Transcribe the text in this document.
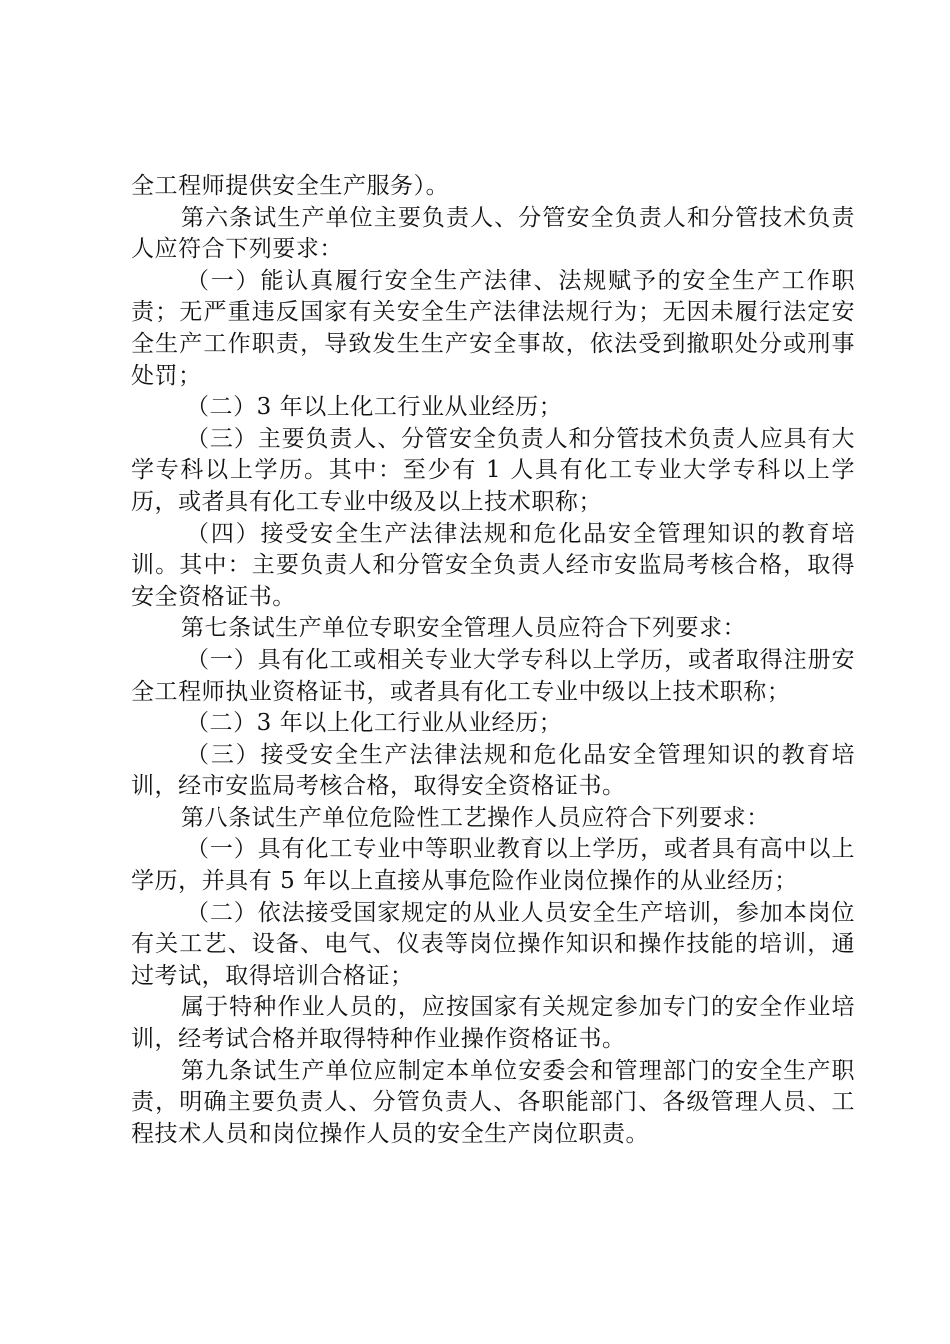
全工程师提供安全生产服务）。

第六条试生产单位主要负责人、分管安全负责人和分管技术负责人应符合下列要求：

（一）能认真履行安全生产法律、法规赋予的安全生产工作职责；无严重违反国家有关安全生产法律法规行为；无因未履行法定安全生产工作职责，导致发生生产安全事故，依法受到撤职处分或刑事处罚；

（二）3 年以上化工行业从业经历；

（三）主要负责人、分管安全负责人和分管技术负责人应具有大学专科以上学历。其中：至少有 1 人具有化工专业大学专科以上学历，或者具有化工专业中级及以上技术职称；

（四）接受安全生产法律法规和危化品安全管理知识的教育培训。其中：主要负责人和分管安全负责人经市安监局考核合格，取得安全资格证书。

第七条试生产单位专职安全管理人员应符合下列要求：

（一）具有化工或相关专业大学专科以上学历，或者取得注册安全工程师执业资格证书，或者具有化工专业中级以上技术职称；

（二）3 年以上化工行业从业经历；

（三）接受安全生产法律法规和危化品安全管理知识的教育培训，经市安监局考核合格，取得安全资格证书。

第八条试生产单位危险性工艺操作人员应符合下列要求：

（一）具有化工专业中等职业教育以上学历，或者具有高中以上学历，并具有 5 年以上直接从事危险作业岗位操作的从业经历；

（二）依法接受国家规定的从业人员安全生产培训，参加本岗位有关工艺、设备、电气、仪表等岗位操作知识和操作技能的培训，通过考试，取得培训合格证；

属于特种作业人员的，应按国家有关规定参加专门的安全作业培训，经考试合格并取得特种作业操作资格证书。

第九条试生产单位应制定本单位安委会和管理部门的安全生产职责，明确主要负责人、分管负责人、各职能部门、各级管理人员、工程技术人员和岗位操作人员的安全生产岗位职责。
